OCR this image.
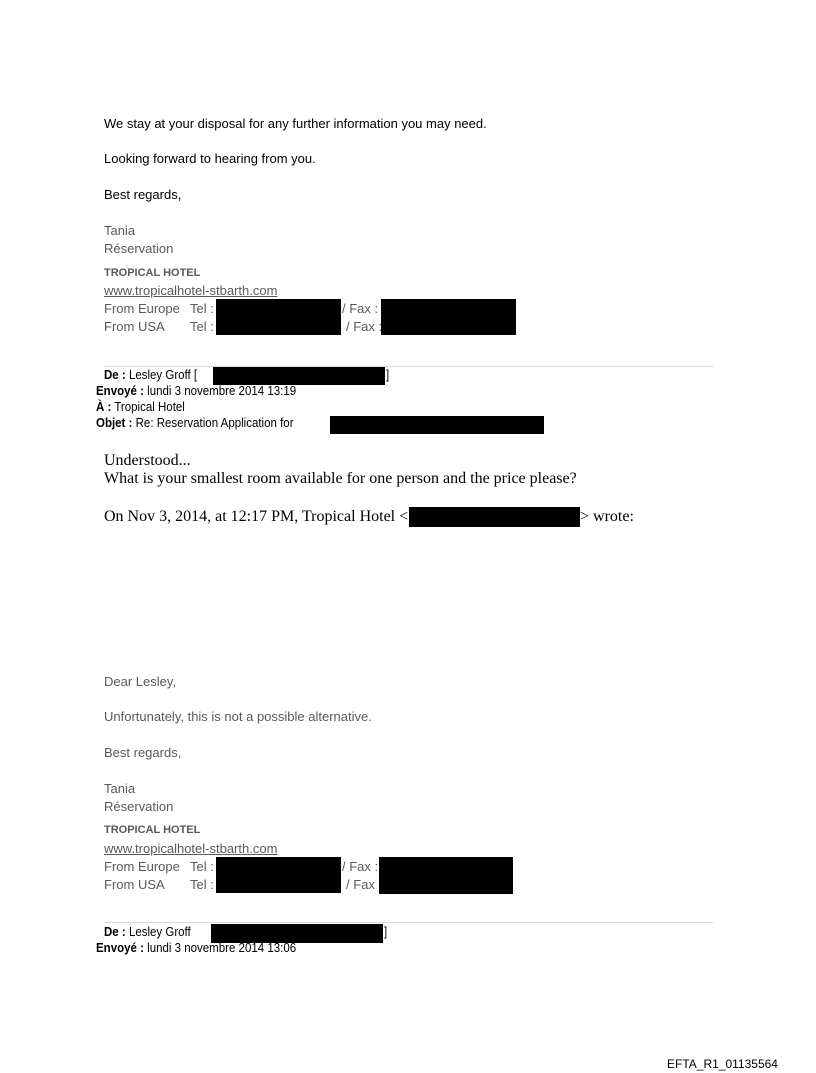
We stay at your disposal for any further information you may need.
Looking forward to hearing from you.
Best regards,
Tania
Réservation
TROPICAL HOTEL
www.tropicalhotel-stbarth.com
From Europe Tel :	/ Fax :
From USA Tel :	/ Fax :
De : Lesley Groff [	]
Envoyé : lundi 3 novembre 2014 13:19
À : Tropical Hotel
Objet : Re: Reservation Application for
Understood...
What is your smallest room available for one person and the price please?
On Nov 3, 2014, at 12:17 PM, Tropical Hotel <	> wrote:
Dear Lesley,
Unfortunately, this is not a possible alternative.
Best regards,
Tania
Réservation
TROPICAL HOTEL
www.tropicalhotel-stbarth.com
From Europe Tel :	/ Fax :
From USA Tel :	/ Fax
De : Lesley Groff	]
Envoyé : lundi 3 novembre 2014 13:06
EFTA_R1_01135564
